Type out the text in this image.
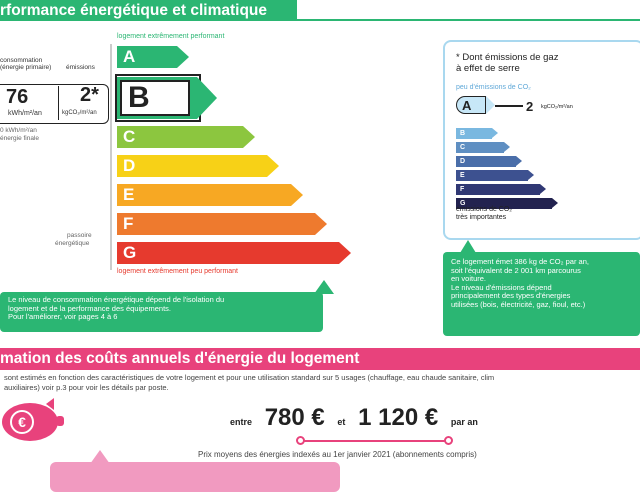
rformance énergétique et climatique
logement extrêmement performant
consommation
(énergie primaire) émissions
76
kWh/m²/an
2*
kgCO₂/m²/an
0 kWh/m²/an
énergie finale
passoire
énergétique
A
B
C
D
E
F
G
logement extrêmement peu performant
* Dont émissions de gaz
à effet de serre
peu d'émissions de CO₂
A
B
C
D
E
F
G
2 kgCO₂/m²/an
émissions de CO₂
très importantes
Le niveau de consommation énergétique dépend de l'isolation du
logement et de la performance des équipements.
Pour l'améliorer, voir pages 4 à 6
Ce logement émet 386 kg de CO₂ par an,
soit l'équivalent de 2 001 km parcourus
en voiture.
Le niveau d'émissions dépend
principalement des types d'énergies
utilisées (bois, électricité, gaz, fioul, etc.)
mation des coûts annuels d'énergie du logement
sont estimés en fonction des caractéristiques de votre logement et pour une utilisation standard sur 5 usages (chauffage, eau chaude sanitaire, clim
auxiliaires) voir p.3 pour voir les détails par poste.
€	entre 780 € et 1 120 € par an
Prix moyens des énergies indexés au 1er janvier 2021 (abonnements compris)
